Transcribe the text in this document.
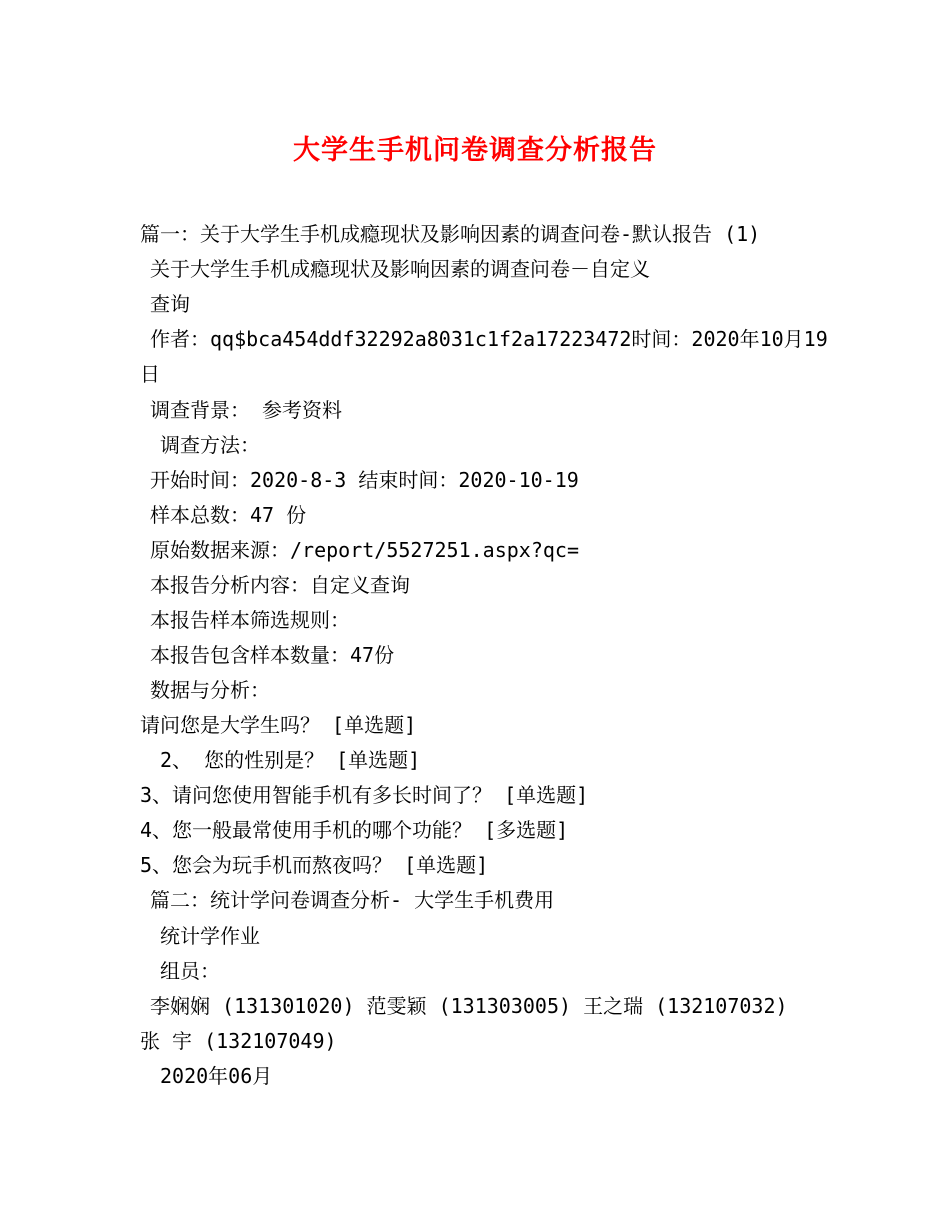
大学生手机问卷调查分析报告
篇一：关于大学生手机成瘾现状及影响因素的调查问卷-默认报告 (1)
关于大学生手机成瘾现状及影响因素的调查问卷－自定义
查询
作者：qq$bca454ddf32292a8031c1f2a17223472时间：2020年10月19
日
调查背景： 参考资料
调查方法：
开始时间：2020-8-3 结束时间：2020-10-19
样本总数：47 份
原始数据来源：/report/5527251.aspx?qc=
本报告分析内容：自定义查询
本报告样本筛选规则：
本报告包含样本数量：47份
数据与分析：
请问您是大学生吗？ [单选题]
2、 您的性别是？ [单选题]
3、请问您使用智能手机有多长时间了？ [单选题]
4、您一般最常使用手机的哪个功能？ [多选题]
5、您会为玩手机而熬夜吗？ [单选题]
篇二：统计学问卷调查分析- 大学生手机费用
统计学作业
组员：
李娴娴 (131301020) 范雯颖 (131303005) 王之瑞 (132107032)
张 宇 (132107049)
2020年06月
